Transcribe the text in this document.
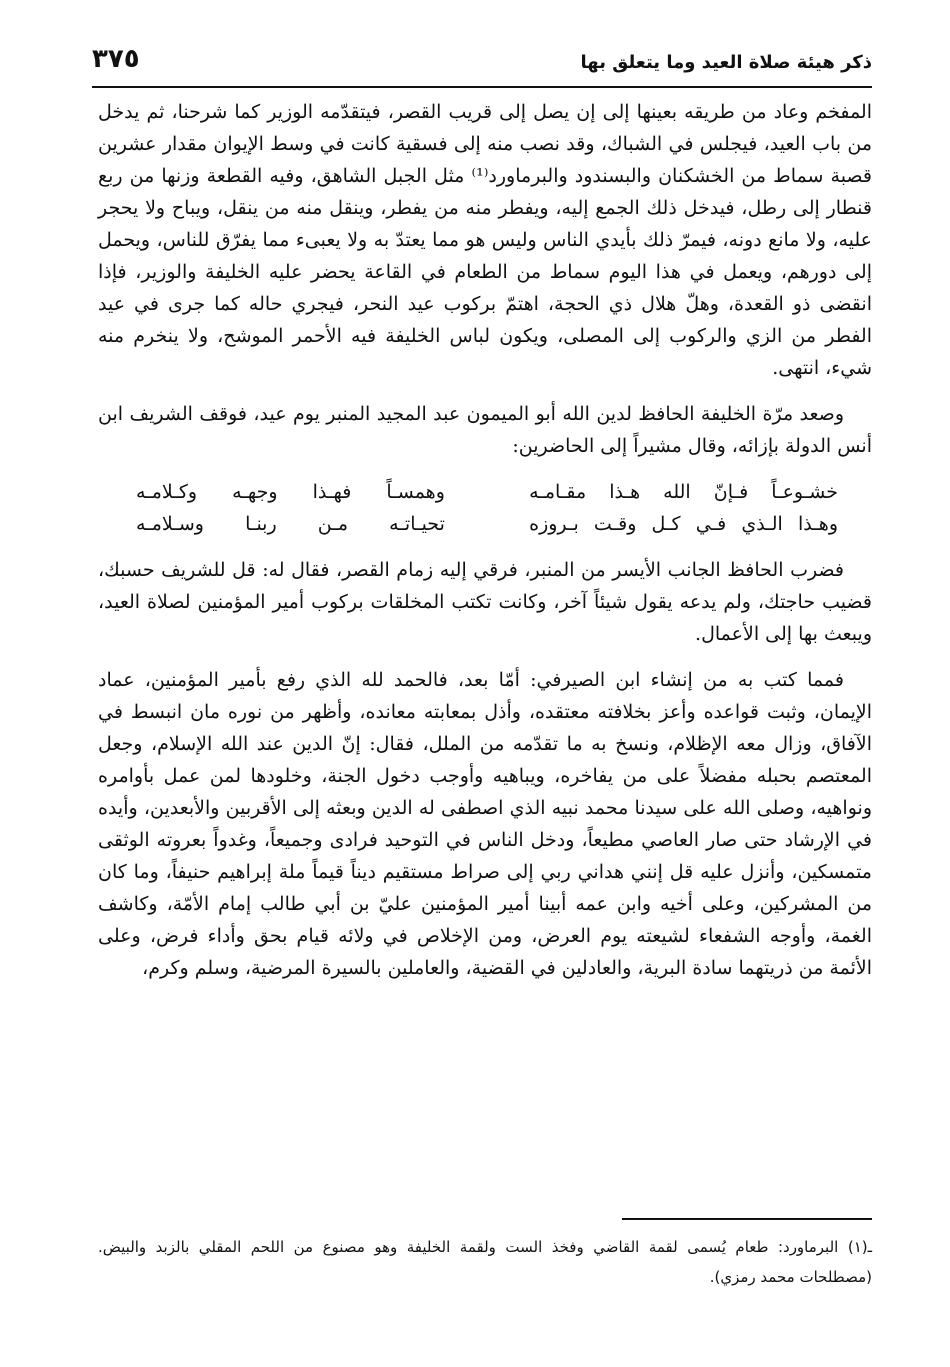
ذكر هيئة صلاة العيد وما يتعلق بها
٣٧٥

المفخم وعاد من طريقه بعينها إلى إن يصل إلى قريب القصر، فيتقدّمه الوزير كما شرحنا، ثم يدخل من باب العيد، فيجلس في الشباك، وقد نصب منه إلى فسقية كانت في وسط الإيوان مقدار عشرين قصبة سماط من الخشكنان والبسندود والبرماورد⁽¹⁾ مثل الجبل الشاهق، وفيه القطعة وزنها من ربع قنطار إلى رطل، فيدخل ذلك الجمع إليه، ويفطر منه من يفطر، وينقل منه من ينقل، ويباح ولا يحجر عليه، ولا مانع دونه، فيمرّ ذلك بأيدي الناس وليس هو مما يعتدّ به ولا يعبىء مما يفرّق للناس، ويحمل إلى دورهم، ويعمل في هذا اليوم سماط من الطعام في القاعة يحضر عليه الخليفة والوزير، فإذا انقضى ذو القعدة، وهلّ هلال ذي الحجة، اهتمّ بركوب عيد النحر، فيجري حاله كما جرى في عيد الفطر من الزي والركوب إلى المصلى، ويكون لباس الخليفة فيه الأحمر الموشح، ولا ينخرم منه شيء، انتهى.

وصعد مرّة الخليفة الحافظ لدين الله أبو الميمون عبد المجيد المنبر يوم عيد، فوقف الشريف ابن أنس الدولة بإزائه، وقال مشيراً إلى الحاضرين:

خشـوعـاً فـإنّ الله هـذا مقـامـه
وهمسـاً فهـذا وجهـه وكـلامـه
وهـذا الـذي فـي كـل وقـت بـروزه
تحيـاتـه مـن ربنـا وسـلامـه

فضرب الحافظ الجانب الأيسر من المنبر، فرقي إليه زمام القصر، فقال له: قل للشريف حسبك، قضيب حاجتك، ولم يدعه يقول شيئاً آخر، وكانت تكتب المخلقات بركوب أمير المؤمنين لصلاة العيد، ويبعث بها إلى الأعمال.

فمما كتب به من إنشاء ابن الصيرفي: أمّا بعد، فالحمد لله الذي رفع بأمير المؤمنين، عماد الإيمان، وثبت قواعده وأعز بخلافته معتقده، وأذل بمعابته معانده، وأظهر من نوره مان انبسط في الآفاق، وزال معه الإظلام، ونسخ به ما تقدّمه من الملل، فقال: إنّ الدين عند الله الإسلام، وجعل المعتصم بحبله مفضلاً على من يفاخره، ويباهيه وأوجب دخول الجنة، وخلودها لمن عمل بأوامره ونواهيه، وصلى الله على سيدنا محمد نبيه الذي اصطفى له الدين وبعثه إلى الأقربين والأبعدين، وأيده في الإرشاد حتى صار العاصي مطيعاً، ودخل الناس في التوحيد فرادى وجميعاً، وغدواً بعروته الوثقى متمسكين، وأنزل عليه قل إنني هداني ربي إلى صراط مستقيم ديناً قيماً ملة إبراهيم حنيفاً، وما كان من المشركين، وعلى أخيه وابن عمه أبينا أمير المؤمنين عليّ بن أبي طالب إمام الأمّة، وكاشف الغمة، وأوجه الشفعاء لشيعته يوم العرض، ومن الإخلاص في ولائه قيام بحق وأداء فرض، وعلى الأئمة من ذريتهما سادة البرية، والعادلين في القضية، والعاملين بالسيرة المرضية، وسلم وكرم،

ـ(١) البرماورد: طعام يُسمى لقمة القاضي وفخذ الست ولقمة الخليفة وهو مصنوع من اللحم المقلي بالزبد والبيض. (مصطلحات محمد رمزي).
